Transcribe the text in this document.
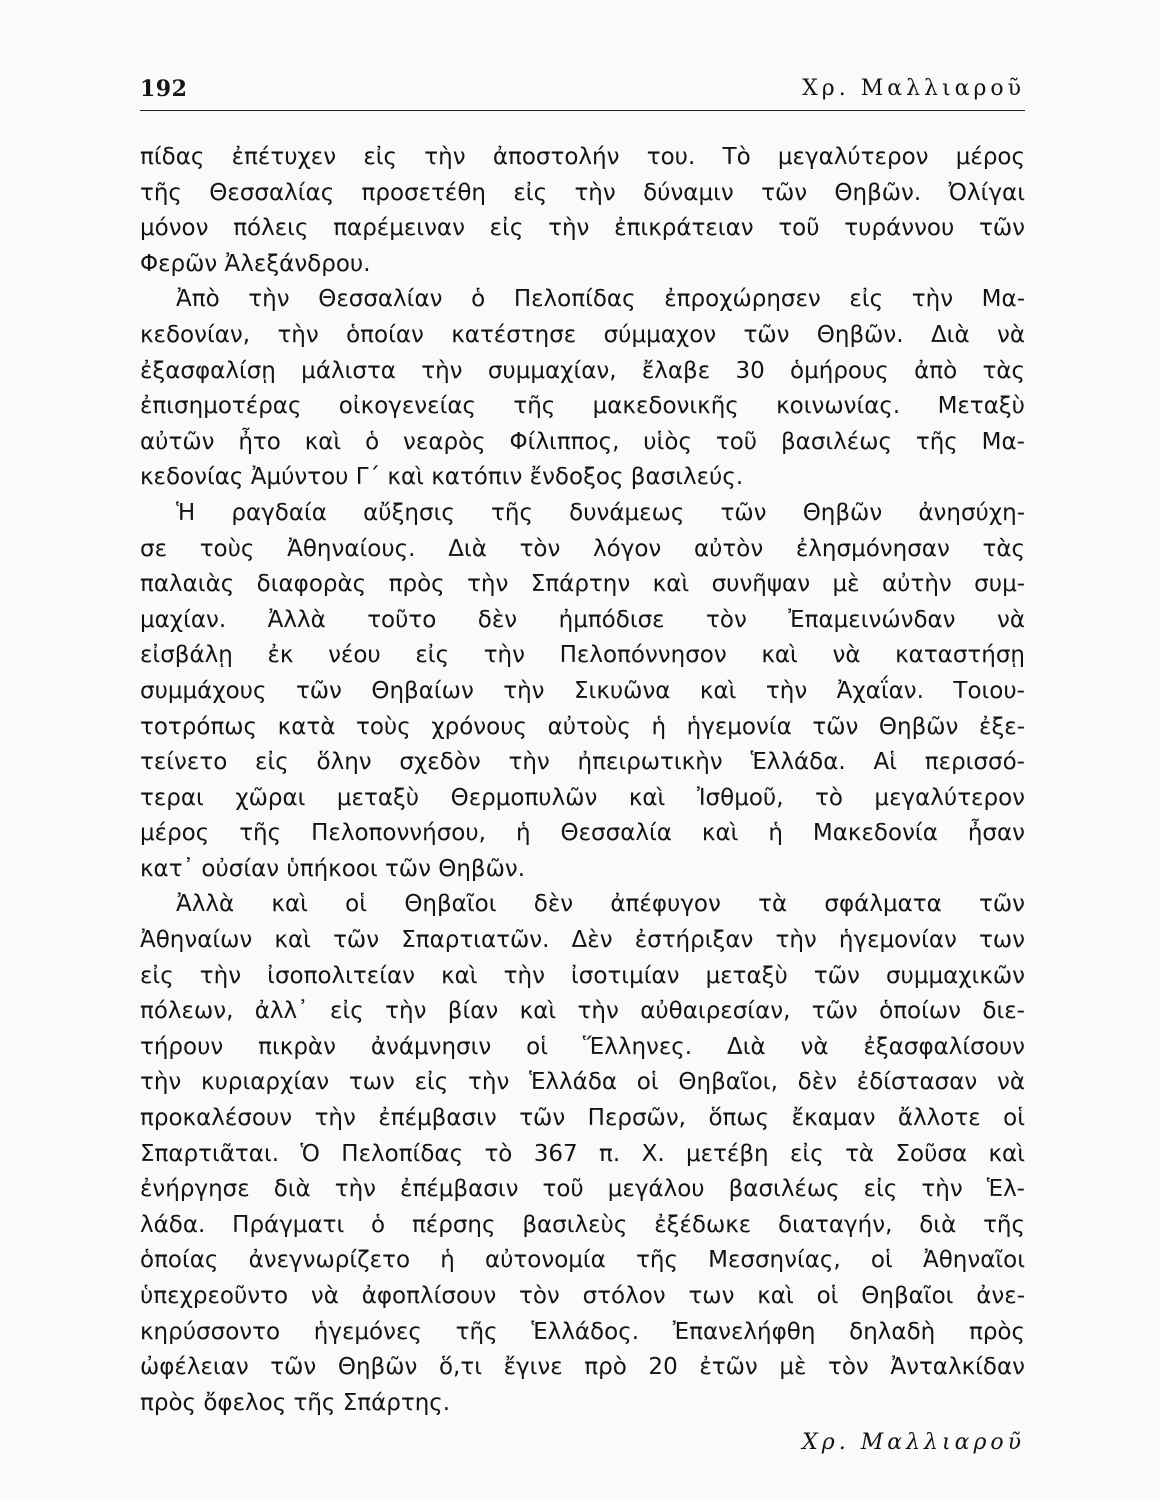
192	Χρ. Μαλλιαροῦ

πίδας ἐπέτυχεν εἰς τὴν ἀποστολήν του. Τὸ μεγαλύτερον μέρος
τῆς Θεσσαλίας προσετέθη εἰς τὴν δύναμιν τῶν Θηβῶν. Ὀλίγαι
μόνον πόλεις παρέμειναν εἰς τὴν ἐπικράτειαν τοῦ τυράννου τῶν
Φερῶν Ἀλεξάνδρου.

Ἀπὸ τὴν Θεσσαλίαν ὁ Πελοπίδας ἐπροχώρησεν εἰς τὴν Μα-
κεδονίαν, τὴν ὁποίαν κατέστησε σύμμαχον τῶν Θηβῶν. Διὰ νὰ
ἐξασφαλίσῃ μάλιστα τὴν συμμαχίαν, ἔλαβε 30 ὁμήρους ἀπὸ τὰς
ἐπισημοτέρας οἰκογενείας τῆς μακεδονικῆς κοινωνίας. Μεταξὺ
αὐτῶν ἦτο καὶ ὁ νεαρὸς Φίλιππος, υἱὸς τοῦ βασιλέως τῆς Μα-
κεδονίας Ἀμύντου Γ΄ καὶ κατόπιν ἔνδοξος βασιλεύς.

Ἡ ραγδαία αὔξησις τῆς δυνάμεως τῶν Θηβῶν ἀνησύχη-
σε τοὺς Ἀθηναίους. Διὰ τὸν λόγον αὐτὸν ἐλησμόνησαν τὰς
παλαιὰς διαφορὰς πρὸς τὴν Σπάρτην καὶ συνῆψαν μὲ αὐτὴν συμ-
μαχίαν. Ἀλλὰ τοῦτο δὲν ἠμπόδισε τὸν Ἐπαμεινώνδαν νὰ
εἰσβάλῃ ἐκ νέου εἰς τὴν Πελοπόννησον καὶ νὰ καταστήσῃ
συμμάχους τῶν Θηβαίων τὴν Σικυῶνα καὶ τὴν Ἀχαΐαν. Τοιου-
τοτρόπως κατὰ τοὺς χρόνους αὐτοὺς ἡ ἡγεμονία τῶν Θηβῶν ἐξε-
τείνετο εἰς ὅλην σχεδὸν τὴν ἠπειρωτικὴν Ἑλλάδα. Αἱ περισσό-
τεραι χῶραι μεταξὺ Θερμοπυλῶν καὶ Ἰσθμοῦ, τὸ μεγαλύτερον
μέρος τῆς Πελοποννήσου, ἡ Θεσσαλία καὶ ἡ Μακεδονία ἦσαν
κατ᾽ οὐσίαν ὑπήκοοι τῶν Θηβῶν.

Ἀλλὰ καὶ οἱ Θηβαῖοι δὲν ἀπέφυγον τὰ σφάλματα τῶν
Ἀθηναίων καὶ τῶν Σπαρτιατῶν. Δὲν ἐστήριξαν τὴν ἡγεμονίαν των
εἰς τὴν ἰσοπολιτείαν καὶ τὴν ἰσοτιμίαν μεταξὺ τῶν συμμαχικῶν
πόλεων, ἀλλ᾽ εἰς τὴν βίαν καὶ τὴν αὐθαιρεσίαν, τῶν ὁποίων διε-
τήρουν πικρὰν ἀνάμνησιν οἱ Ἕλληνες. Διὰ νὰ ἐξασφαλίσουν
τὴν κυριαρχίαν των εἰς τὴν Ἑλλάδα οἱ Θηβαῖοι, δὲν ἐδίστασαν νὰ
προκαλέσουν τὴν ἐπέμβασιν τῶν Περσῶν, ὅπως ἔκαμαν ἄλλοτε οἱ
Σπαρτιᾶται. Ὁ Πελοπίδας τὸ 367 π. Χ. μετέβη εἰς τὰ Σοῦσα καὶ
ἐνήργησε διὰ τὴν ἐπέμβασιν τοῦ μεγάλου βασιλέως εἰς τὴν Ἑλ-
λάδα. Πράγματι ὁ πέρσης βασιλεὺς ἐξέδωκε διαταγήν, διὰ τῆς
ὁποίας ἀνεγνωρίζετο ἡ αὐτονομία τῆς Μεσσηνίας, οἱ Ἀθηναῖοι
ὑπεχρεοῦντο νὰ ἀφοπλίσουν τὸν στόλον των καὶ οἱ Θηβαῖοι ἀνε-
κηρύσσοντο ἡγεμόνες τῆς Ἑλλάδος. Ἐπανελήφθη δηλαδὴ πρὸς
ὠφέλειαν τῶν Θηβῶν ὅ,τι ἔγινε πρὸ 20 ἐτῶν μὲ τὸν Ἀνταλκίδαν
πρὸς ὄφελος τῆς Σπάρτης.

Χρ. Μαλλιαροῦ
